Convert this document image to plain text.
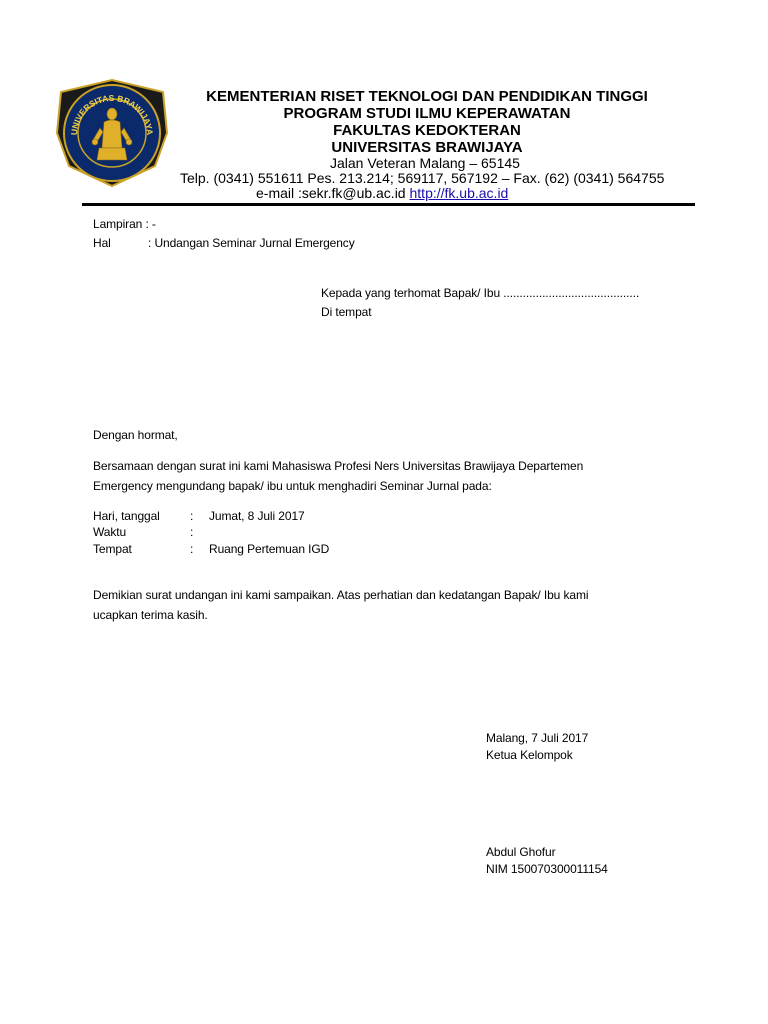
UNIVERSITAS BRAWIJAYA
KEMENTERIAN RISET TEKNOLOGI DAN PENDIDIKAN TINGGI
PROGRAM STUDI ILMU KEPERAWATAN
FAKULTAS KEDOKTERAN
UNIVERSITAS BRAWIJAYA
Jalan Veteran Malang – 65145
Telp. (0341) 551611 Pes. 213.214; 569117, 567192 – Fax. (62) (0341) 564755
e-mail :sekr.fk@ub.ac.id http://fk.ub.ac.id
Lampiran : -
Hal	: Undangan Seminar Jurnal Emergency
Kepada yang terhomat Bapak/ Ibu ..........................................
Di tempat
Dengan hormat,
Bersamaan dengan surat ini kami Mahasiswa Profesi Ners Universitas Brawijaya Departemen
Emergency mengundang bapak/ ibu untuk menghadiri Seminar Jurnal pada:
Hari, tanggal	: Jumat, 8 Juli 2017
Waktu	:
Tempat	: Ruang Pertemuan IGD
Demikian surat undangan ini kami sampaikan. Atas perhatian dan kedatangan Bapak/ Ibu kami
ucapkan terima kasih.
Malang, 7 Juli 2017
Ketua Kelompok
Abdul Ghofur
NIM 150070300011154
